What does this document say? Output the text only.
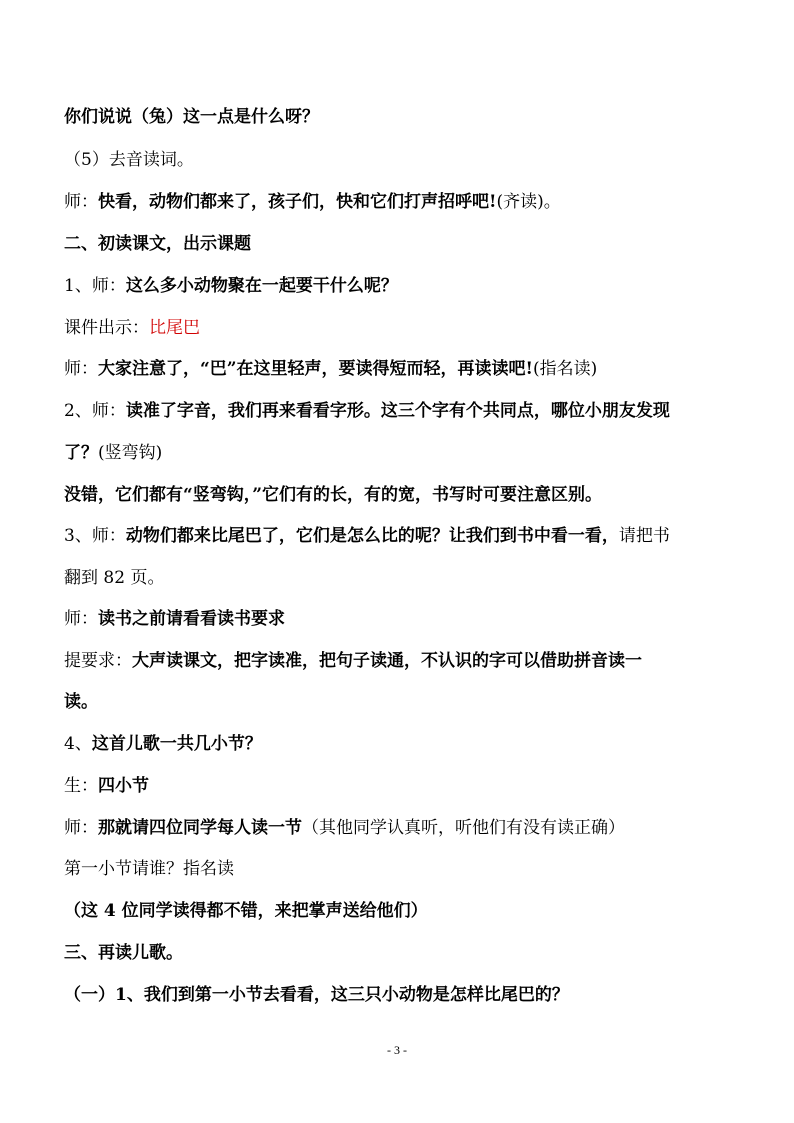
你们说说（兔）这一点是什么呀？
（5）去音读词。
师：快看，动物们都来了，孩子们，快和它们打声招呼吧!(齐读)。
二、初读课文，出示课题
1、师：这么多小动物聚在一起要干什么呢？
课件出示：比尾巴
师：大家注意了，“巴”在这里轻声，要读得短而轻，再读读吧!(指名读)
2、师：读准了字音，我们再来看看字形。这三个字有个共同点，哪位小朋友发现
了？(竖弯钩)
没错，它们都有“竖弯钩，”它们有的长，有的宽，书写时可要注意区别。
3、师：动物们都来比尾巴了，它们是怎么比的呢？让我们到书中看一看，请把书
翻到 82 页。
师：读书之前请看看读书要求
提要求：大声读课文，把字读准，把句子读通，不认识的字可以借助拼音读一
读。
4、这首儿歌一共几小节？
生：四小节
师：那就请四位同学每人读一节（其他同学认真听，听他们有没有读正确）
第一小节请谁？指名读
（这 4 位同学读得都不错，来把掌声送给他们）
三、再读儿歌。
（一）1、我们到第一小节去看看，这三只小动物是怎样比尾巴的？
- 3 -
